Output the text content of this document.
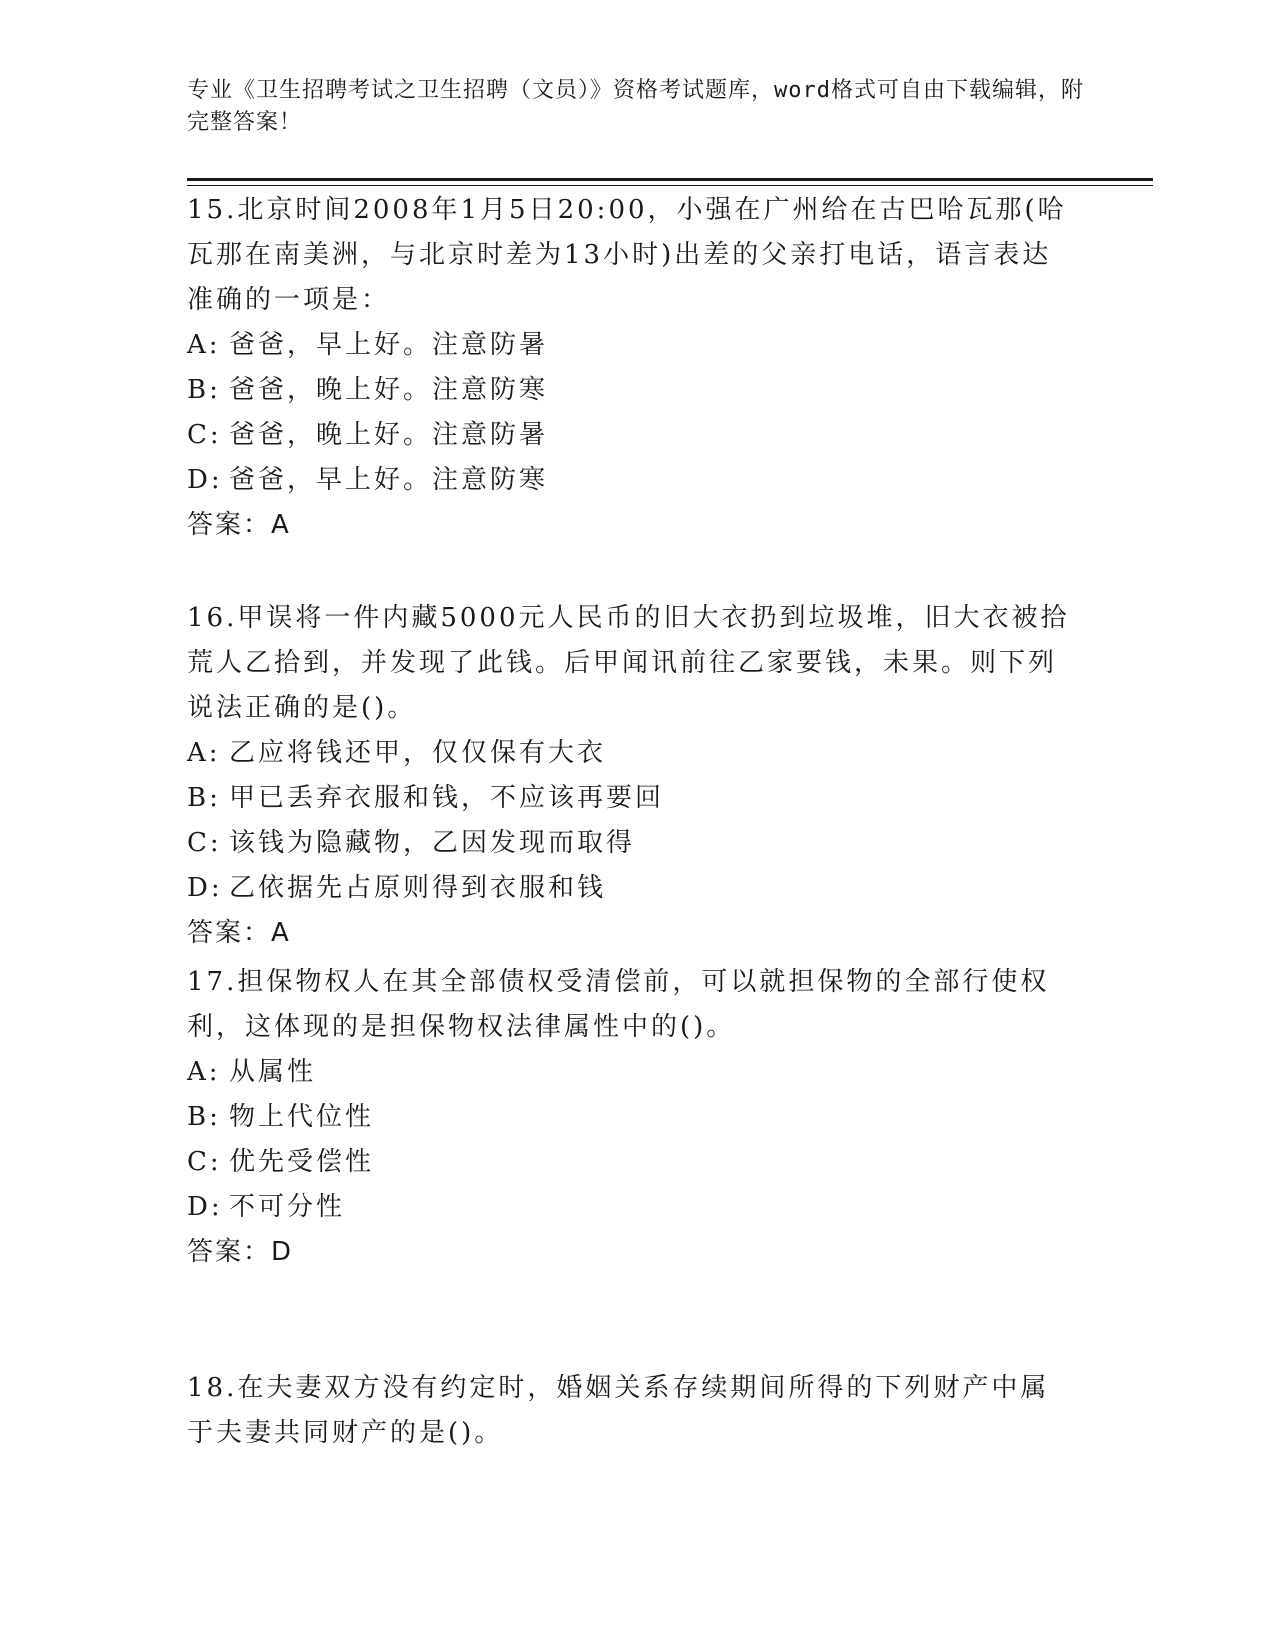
专业《卫生招聘考试之卫生招聘（文员）》资格考试题库，word格式可自由下载编辑，附完整答案！

15.北京时间2008年1月5日20:00，小强在广州给在古巴哈瓦那(哈瓦那在南美洲，与北京时差为13小时)出差的父亲打电话，语言表达准确的一项是：

A: 爸爸，早上好。注意防暑

B: 爸爸，晚上好。注意防寒

C: 爸爸，晚上好。注意防暑

D: 爸爸，早上好。注意防寒

答案：A

16.甲误将一件内藏5000元人民币的旧大衣扔到垃圾堆，旧大衣被拾荒人乙拾到，并发现了此钱。后甲闻讯前往乙家要钱，未果。则下列说法正确的是()。

A: 乙应将钱还甲，仅仅保有大衣

B: 甲已丢弃衣服和钱，不应该再要回

C: 该钱为隐藏物，乙因发现而取得

D: 乙依据先占原则得到衣服和钱

答案：A

17.担保物权人在其全部债权受清偿前，可以就担保物的全部行使权利，这体现的是担保物权法律属性中的()。

A: 从属性

B: 物上代位性

C: 优先受偿性

D: 不可分性

答案：D

18.在夫妻双方没有约定时，婚姻关系存续期间所得的下列财产中属于夫妻共同财产的是()。
